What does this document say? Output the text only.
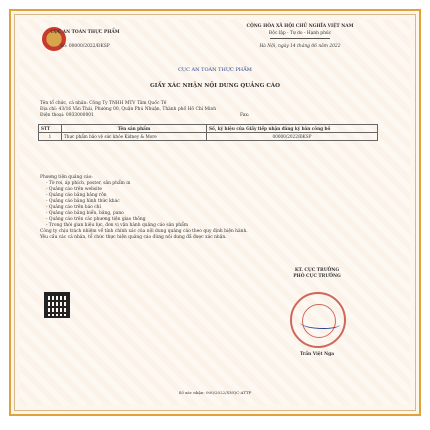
CỤC AN TOÀN THỰC PHẨM
Số: 00000/2022/ĐKSP
CỘNG HÒA XÃ HỘI CHỦ NGHĨA VIỆT NAM
Độc lập - Tự do - Hạnh phúc
Hà Nội, ngày 14 tháng 06 năm 2022
CỤC AN TOÀN THỰC PHẨM
GIẤY XÁC NHẬN NỘI DUNG QUẢNG CÁO
Tên tổ chức, cá nhân: Công Ty TNHH MTV Tâm Quốc Tế
Địa chỉ: 43/16 Vân Thái, Phường 00, Quận Phú Nhuận, Thành phố Hồ Chí Minh
Điện thoại: 0933000001	Fax:
STT	Tên sản phẩm	Số, ký hiệu của Giấy tiếp nhận đăng ký bản công bố
1	Thực phẩm bảo vệ sức khỏe Kidney & More	00000/2022/ĐKSP
Phương tiện quảng cáo:
- Tờ rơi, áp phích, poster, sản phẩm in
- Quảng cáo trên website
- Quảng cáo bằng bảng rôn
- Quảng cáo bằng hình thức khác
- Quảng cáo trên báo chí
- Quảng cáo bằng biển, bảng, pano
- Quảng cáo trên các phương tiện giao thông
- Trong thời gian hiệu lực, đơn vị vận hành quảng cáo sản phẩm
Công ty chịu trách nhiệm về tính chính xác của nội dung quảng cáo theo quy định hiện hành.
Yêu cầu các cá nhân, tổ chức thực hiện quảng cáo đúng nội dung đã được xác nhận.
KT. CỤC TRƯỞNG
PHÓ CỤC TRƯỞNG
Trần Việt Nga
Số xác nhận: 000/2022/XNQC-ATTP
